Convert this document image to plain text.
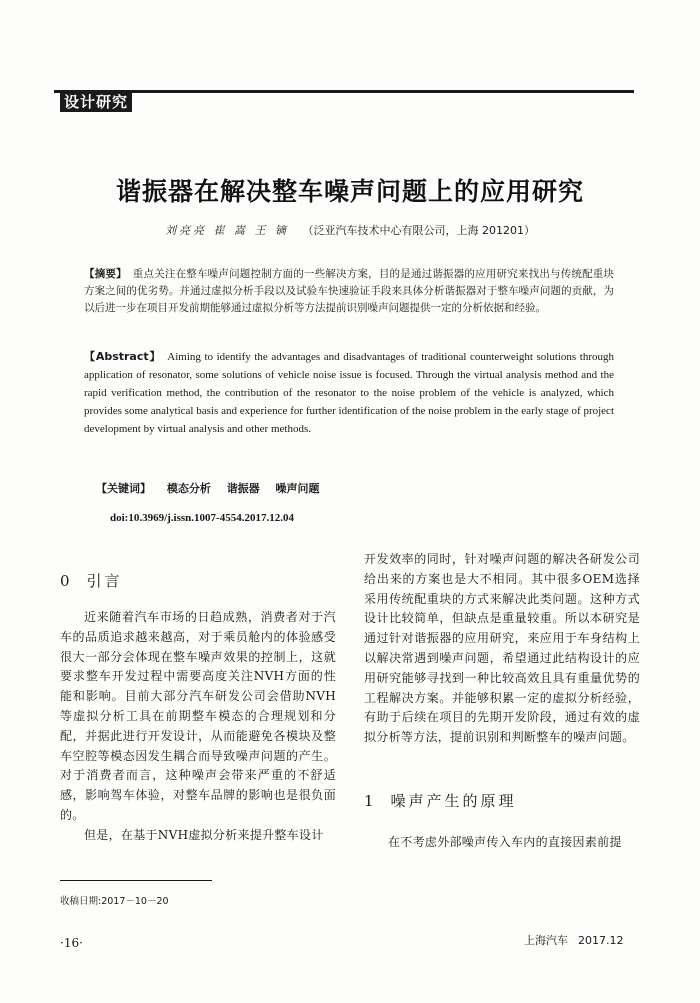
设计研究
谐振器在解决整车噪声问题上的应用研究
刘亮亮 崔 嵩 王 镝 （泛亚汽车技术中心有限公司，上海 201201）
【摘要】 重点关注在整车噪声问题控制方面的一些解决方案，目的是通过谐振器的应用研究来找出与传统配重块方案之间的优劣势。并通过虚拟分析手段以及试验车快速验证手段来具体分析谐振器对于整车噪声问题的贡献，为以后进一步在项目开发前期能够通过虚拟分析等方法提前识别噪声问题提供一定的分析依据和经验。
【Abstract】 Aiming to identify the advantages and disadvantages of traditional counterweight solutions through application of resonator, some solutions of vehicle noise issue is focused. Through the virtual analysis method and the rapid verification method, the contribution of the resonator to the noise problem of the vehicle is analyzed, which provides some analytical basis and experience for further identification of the noise problem in the early stage of project development by virtual analysis and other methods.
【关键词】 模态分析 谐振器 噪声问题
doi:10.3969/j.issn.1007-4554.2017.12.04
0 引言

近来随着汽车市场的日趋成熟，消费者对于汽车的品质追求越来越高，对于乘员舱内的体验感受很大一部分会体现在整车噪声效果的控制上，这就要求整车开发过程中需要高度关注NVH方面的性能和影响。目前大部分汽车研发公司会借助NVH等虚拟分析工具在前期整车模态的合理规划和分配，并据此进行开发设计，从而能避免各模块及整车空腔等模态因发生耦合而导致噪声问题的产生。对于消费者而言，这种噪声会带来严重的不舒适感，影响驾车体验，对整车品牌的影响也是很负面的。

但是，在基于NVH虚拟分析来提升整车设计

开发效率的同时，针对噪声问题的解决各研发公司给出来的方案也是大不相同。其中很多OEM选择采用传统配重块的方式来解决此类问题。这种方式设计比较简单，但缺点是重量较重。所以本研究是通过针对谐振器的应用研究，来应用于车身结构上以解决常遇到噪声问题，希望通过此结构设计的应用研究能够寻找到一种比较高效且具有重量优势的工程解决方案。并能够积累一定的虚拟分析经验，有助于后续在项目的先期开发阶段，通过有效的虚拟分析等方法，提前识别和判断整车的噪声问题。

1 噪声产生的原理
在不考虑外部噪声传入车内的直接因素前提
收稿日期:2017－10－20
·16·	上海汽车 2017.12
